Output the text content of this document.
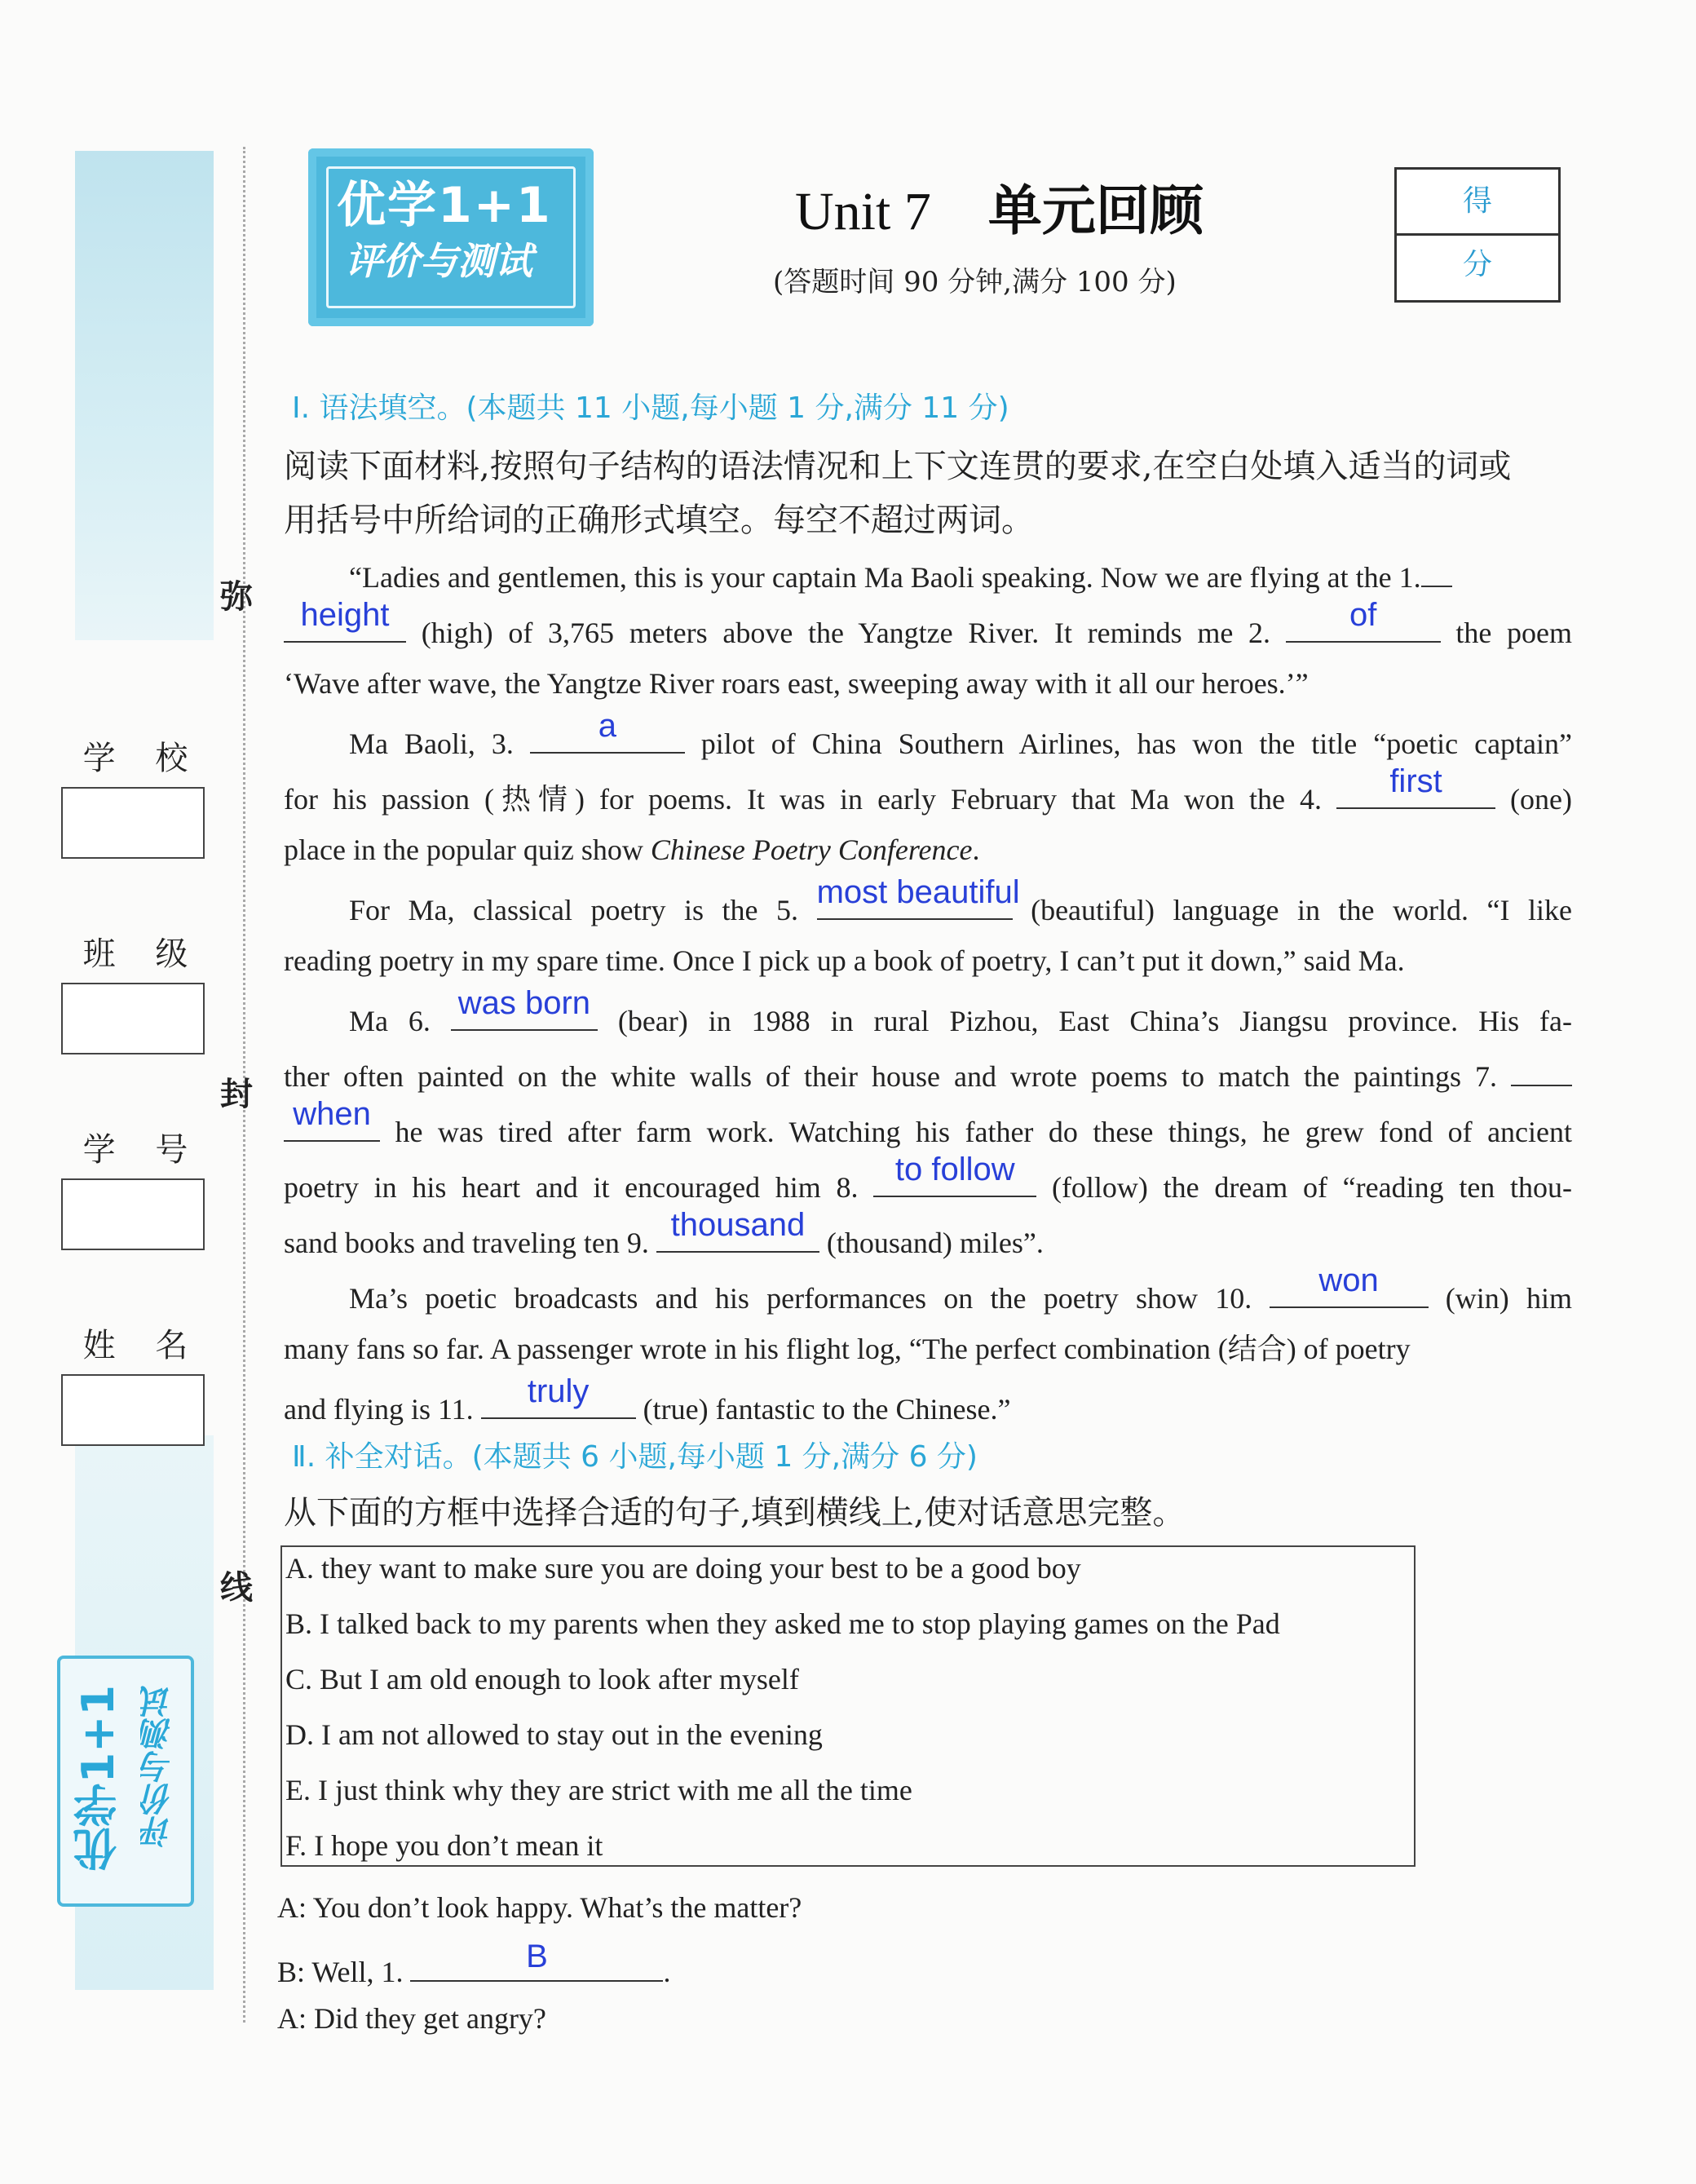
弥
封
线
学 校
班 级
学 号
姓 名
优学1+1
评价与测试
优学1+1 评价与测试
Unit 7 单元回顾
(答题时间 90 分钟,满分 100 分)
得 分
Ⅰ. 语法填空。(本题共 11 小题,每小题 1 分,满分 11 分)
阅读下面材料,按照句子结构的语法情况和上下文连贯的要求,在空白处填入适当的词或
用括号中所给词的正确形式填空。每空不超过两词。
“Ladies and gentlemen, this is your captain Ma Baoli speaking. Now we are flying at the 1.
height	(high) of 3,765 meters above the Yangtze River. It reminds me 2.	of	the poem
‘Wave after wave, the Yangtze River roars east, sweeping away with it all our heroes.’”
Ma Baoli, 3.	a	pilot of China Southern Airlines, has won the title “poetic captain”
for his passion (热情) for poems. It was in early February that Ma won the 4.	first	(one)
place in the popular quiz show Chinese Poetry Conference.
For Ma, classical poetry is the 5. most beautiful (beautiful) language in the world. “I like
reading poetry in my spare time. Once I pick up a book of poetry, I can’t put it down,” said Ma.
Ma 6. was born (bear) in 1988 in rural Pizhou, East China’s Jiangsu province. His fa-
ther often painted on the white walls of their house and wrote poems to match the paintings 7.
when he was tired after farm work. Watching his father do these things, he grew fond of ancient
poetry in his heart and it encouraged him 8.	to follow	(follow) the dream of “reading ten thou-
sand books and traveling ten 9. thousand (thousand) miles”.
Ma’s poetic broadcasts and his performances on the poetry show 10.	won	(win) him
many fans so far. A passenger wrote in his flight log, “The perfect combination (结合) of poetry
and flying is 11.	truly	(true) fantastic to the Chinese.”
Ⅱ. 补全对话。(本题共 6 小题,每小题 1 分,满分 6 分)
从下面的方框中选择合适的句子,填到横线上,使对话意思完整。
A. they want to make sure you are doing your best to be a good boy
B. I talked back to my parents when they asked me to stop playing games on the Pad
C. But I am old enough to look after myself
D. I am not allowed to stay out in the evening
E. I just think why they are strict with me all the time
F. I hope you don’t mean it
A: You don’t look happy. What’s the matter?
B: Well, 1.	B	.
A: Did they get angry?
